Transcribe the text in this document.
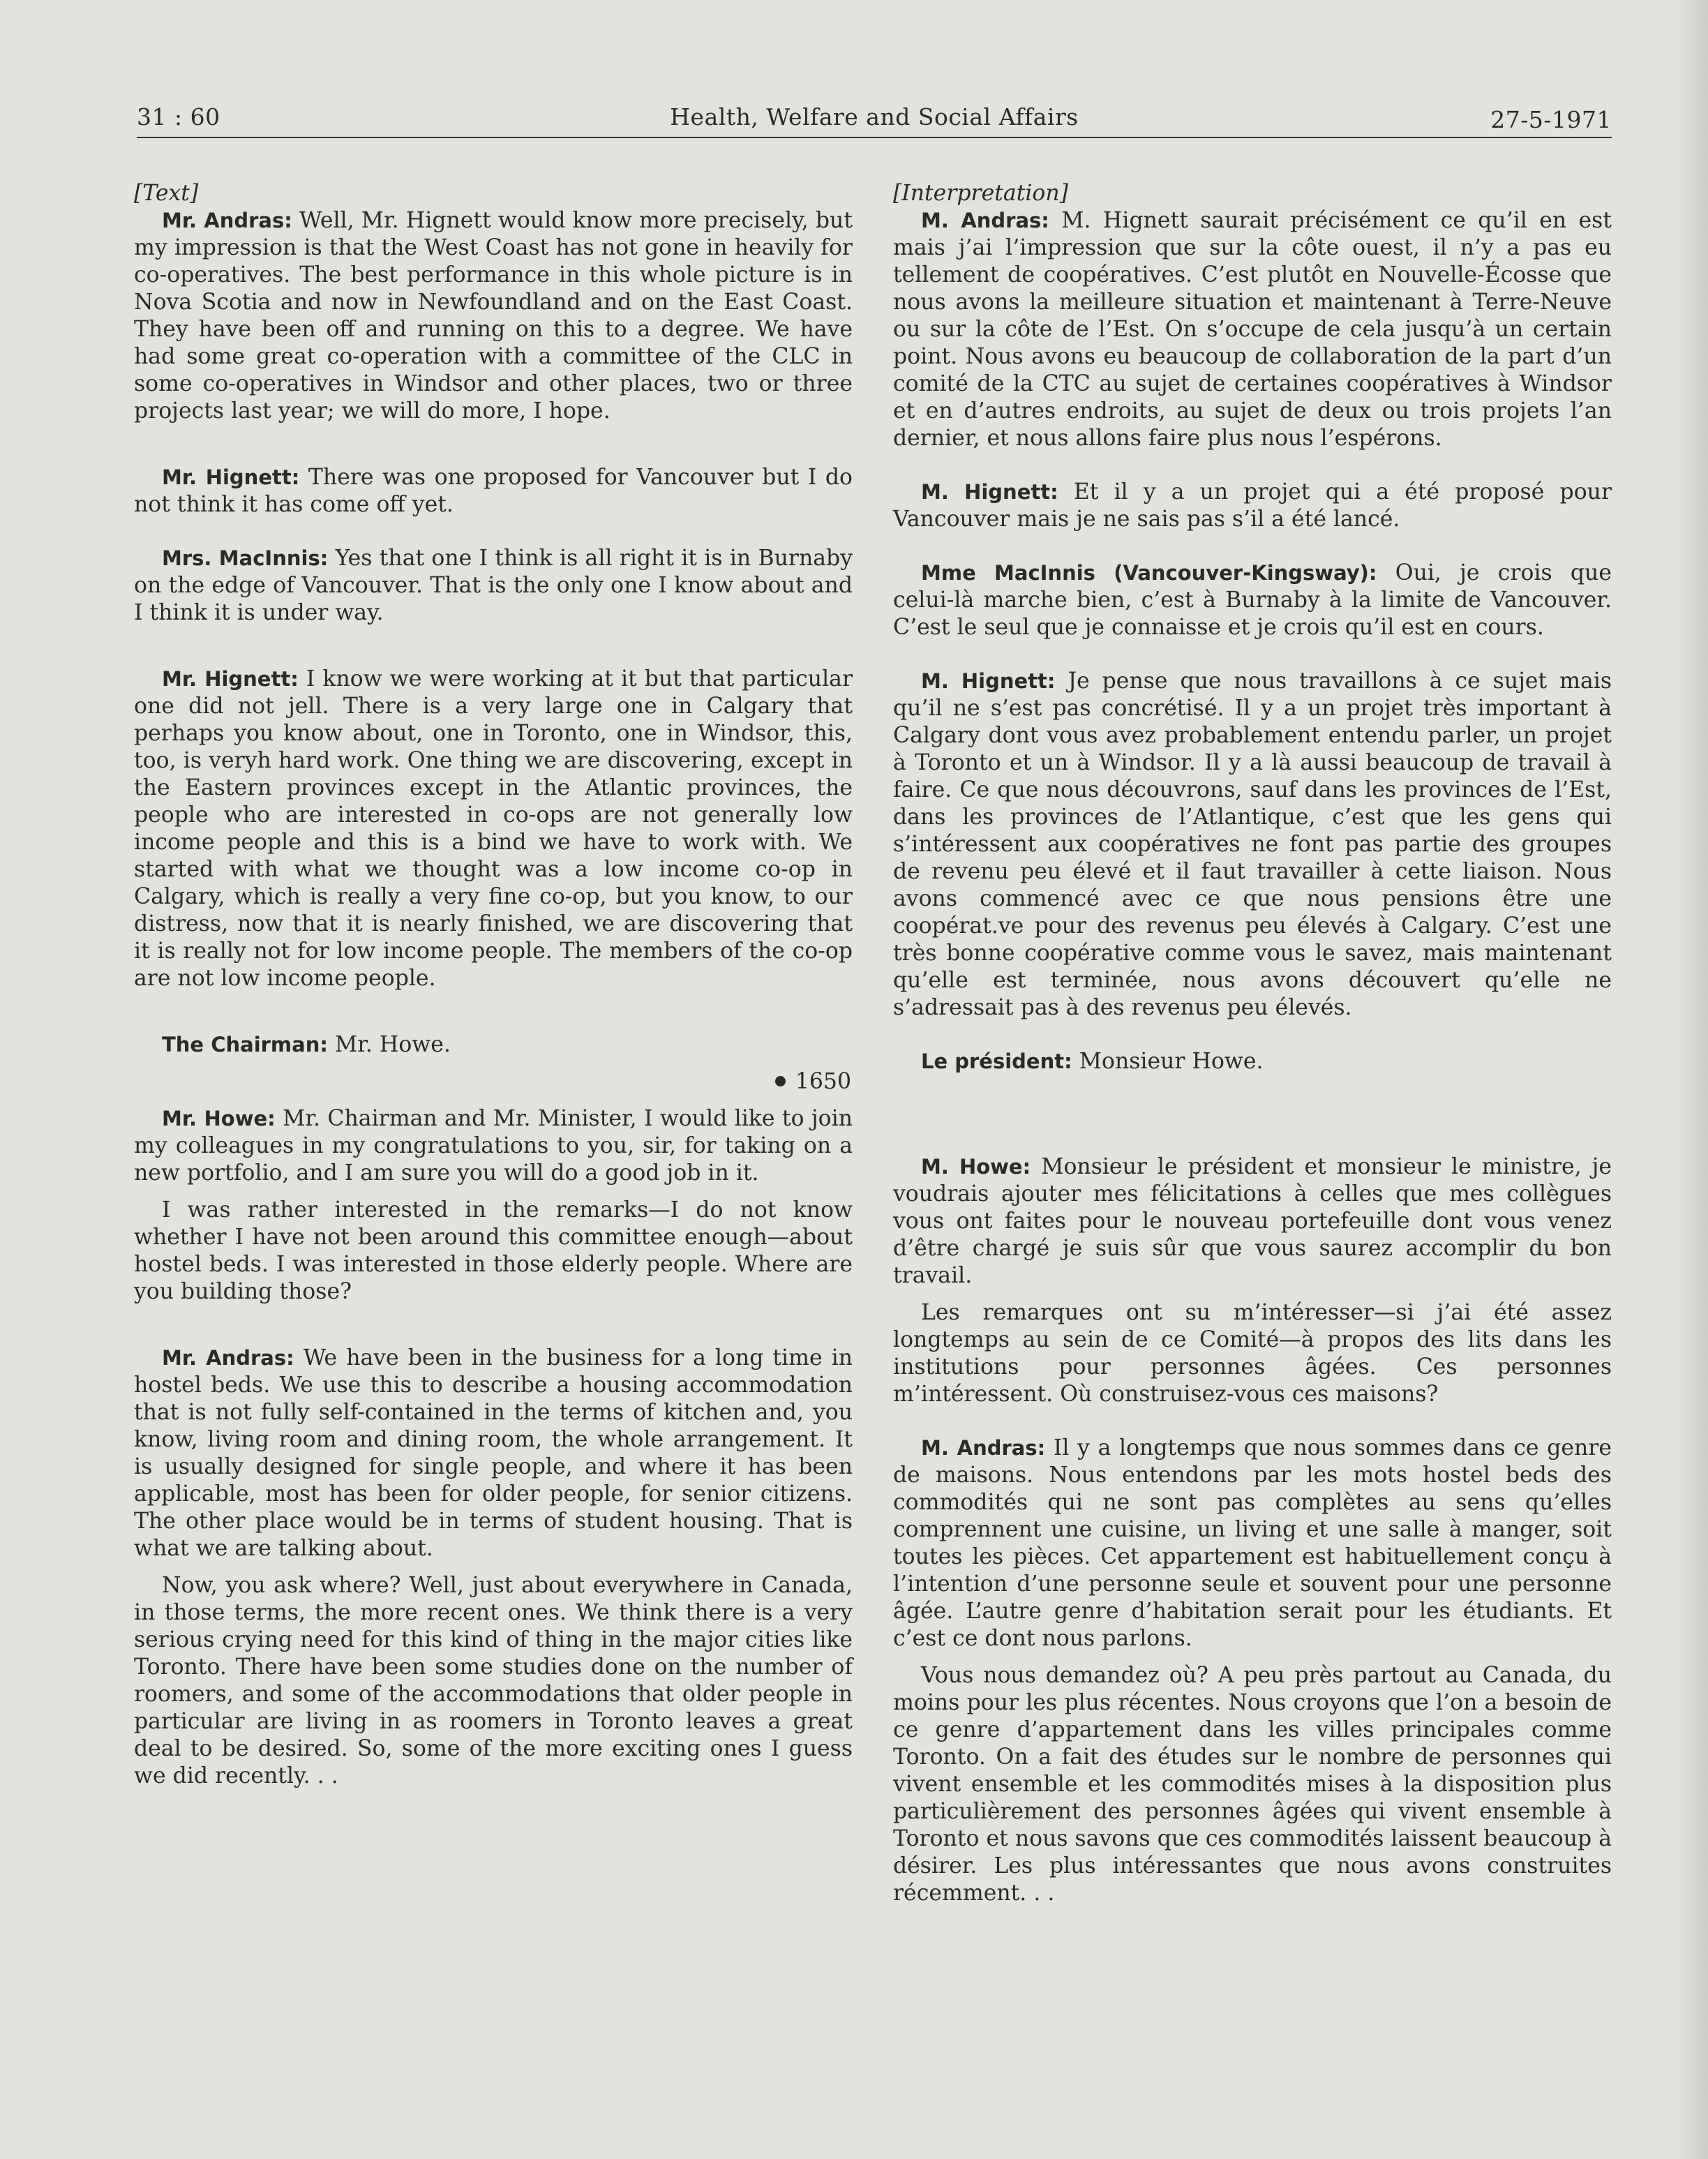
31 : 60	Health, Welfare and Social Affairs	27-5-1971

[Text]

Mr. Andras: Well, Mr. Hignett would know more precisely, but my impression is that the West Coast has not gone in heavily for co-operatives. The best performance in this whole picture is in Nova Scotia and now in Newfoundland and on the East Coast. They have been off and running on this to a degree. We have had some great co-operation with a committee of the CLC in some co-operatives in Windsor and other places, two or three projects last year; we will do more, I hope.

Mr. Hignett: There was one proposed for Vancouver but I do not think it has come off yet.

Mrs. MacInnis: Yes that one I think is all right it is in Burnaby on the edge of Vancouver. That is the only one I know about and I think it is under way.

Mr. Hignett: I know we were working at it but that particular one did not jell. There is a very large one in Calgary that perhaps you know about, one in Toronto, one in Windsor, this, too, is veryh hard work. One thing we are discovering, except in the Eastern provinces except in the Atlantic provinces, the people who are interested in co-ops are not generally low income people and this is a bind we have to work with. We started with what we thought was a low income co-op in Calgary, which is really a very fine co-op, but you know, to our distress, now that it is nearly finished, we are discovering that it is really not for low income people. The members of the co-op are not low income people.

The Chairman: Mr. Howe.

1650

Mr. Howe: Mr. Chairman and Mr. Minister, I would like to join my colleagues in my congratulations to you, sir, for taking on a new portfolio, and I am sure you will do a good job in it.

I was rather interested in the remarks—I do not know whether I have not been around this committee enough—about hostel beds. I was interested in those elderly people. Where are you building those?

Mr. Andras: We have been in the business for a long time in hostel beds. We use this to describe a housing accommodation that is not fully self-contained in the terms of kitchen and, you know, living room and dining room, the whole arrangement. It is usually designed for single people, and where it has been applicable, most has been for older people, for senior citizens. The other place would be in terms of student housing. That is what we are talking about.

Now, you ask where? Well, just about everywhere in Canada, in those terms, the more recent ones. We think there is a very serious crying need for this kind of thing in the major cities like Toronto. There have been some studies done on the number of roomers, and some of the accommodations that older people in particular are living in as roomers in Toronto leaves a great deal to be desired. So, some of the more exciting ones I guess we did recently. . .

[Interpretation]

M. Andras: M. Hignett saurait précisément ce qu’il en est mais j’ai l’impression que sur la côte ouest, il n’y a pas eu tellement de coopératives. C’est plutôt en Nouvelle-Écosse que nous avons la meilleure situation et maintenant à Terre-Neuve ou sur la côte de l’Est. On s’occupe de cela jusqu’à un certain point. Nous avons eu beaucoup de collaboration de la part d’un comité de la CTC au sujet de certaines coopératives à Windsor et en d’autres endroits, au sujet de deux ou trois projets l’an dernier, et nous allons faire plus nous l’espérons.

M. Hignett: Et il y a un projet qui a été proposé pour Vancouver mais je ne sais pas s’il a été lancé.

Mme MacInnis (Vancouver-Kingsway): Oui, je crois que celui-là marche bien, c’est à Burnaby à la limite de Vancouver. C’est le seul que je connaisse et je crois qu’il est en cours.

M. Hignett: Je pense que nous travaillons à ce sujet mais qu’il ne s’est pas concrétisé. Il y a un projet très important à Calgary dont vous avez probablement entendu parler, un projet à Toronto et un à Windsor. Il y a là aussi beaucoup de travail à faire. Ce que nous découvrons, sauf dans les provinces de l’Est, dans les provinces de l’Atlantique, c’est que les gens qui s’intéressent aux coopératives ne font pas partie des groupes de revenu peu élevé et il faut travailler à cette liaison. Nous avons commencé avec ce que nous pensions être une coopérat.ve pour des revenus peu élevés à Calgary. C’est une très bonne coopérative comme vous le savez, mais maintenant qu’elle est terminée, nous avons découvert qu’elle ne s’adressait pas à des revenus peu élevés.

Le président: Monsieur Howe.

M. Howe: Monsieur le président et monsieur le ministre, je voudrais ajouter mes félicitations à celles que mes collègues vous ont faites pour le nouveau portefeuille dont vous venez d’être chargé je suis sûr que vous saurez accomplir du bon travail.

Les remarques ont su m’intéresser—si j’ai été assez longtemps au sein de ce Comité—à propos des lits dans les institutions pour personnes âgées. Ces personnes m’intéressent. Où construisez-vous ces maisons?

M. Andras: Il y a longtemps que nous sommes dans ce genre de maisons. Nous entendons par les mots hostel beds des commodités qui ne sont pas complètes au sens qu’elles comprennent une cuisine, un living et une salle à manger, soit toutes les pièces. Cet appartement est habituellement conçu à l’intention d’une personne seule et souvent pour une personne âgée. L’autre genre d’habitation serait pour les étudiants. Et c’est ce dont nous parlons.

Vous nous demandez où? A peu près partout au Canada, du moins pour les plus récentes. Nous croyons que l’on a besoin de ce genre d’appartement dans les villes principales comme Toronto. On a fait des études sur le nombre de personnes qui vivent ensemble et les commodités mises à la disposition plus particulièrement des personnes âgées qui vivent ensemble à Toronto et nous savons que ces commodités laissent beaucoup à désirer. Les plus intéressantes que nous avons construites récemment. . .
